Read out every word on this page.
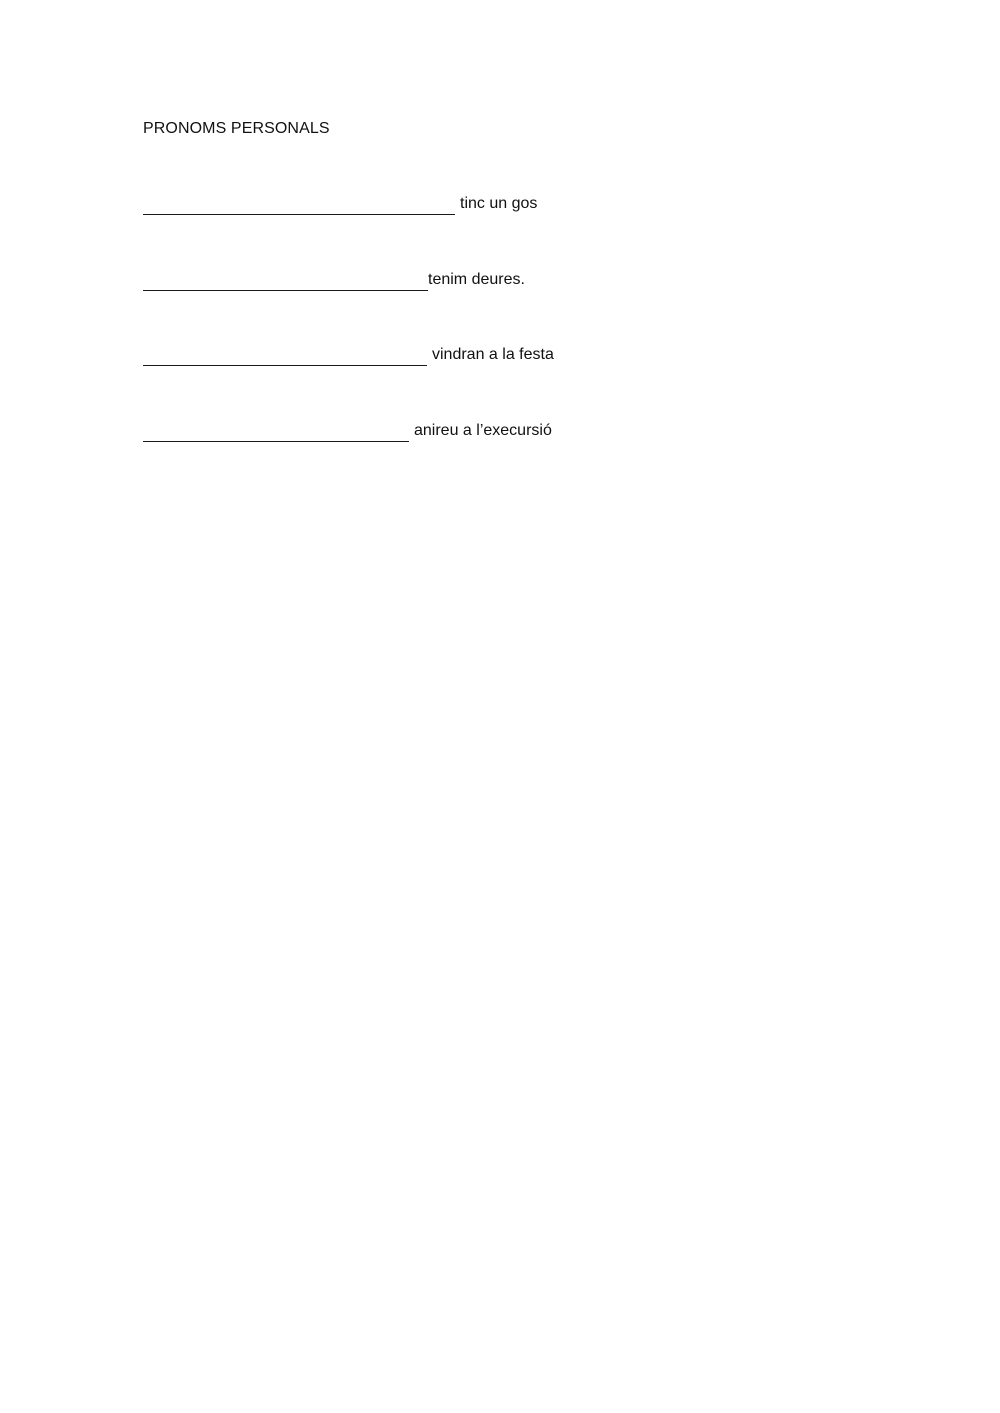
PRONOMS PERSONALS
tinc un gos
tenim deures.
vindran a la festa
anireu a l’execursió
